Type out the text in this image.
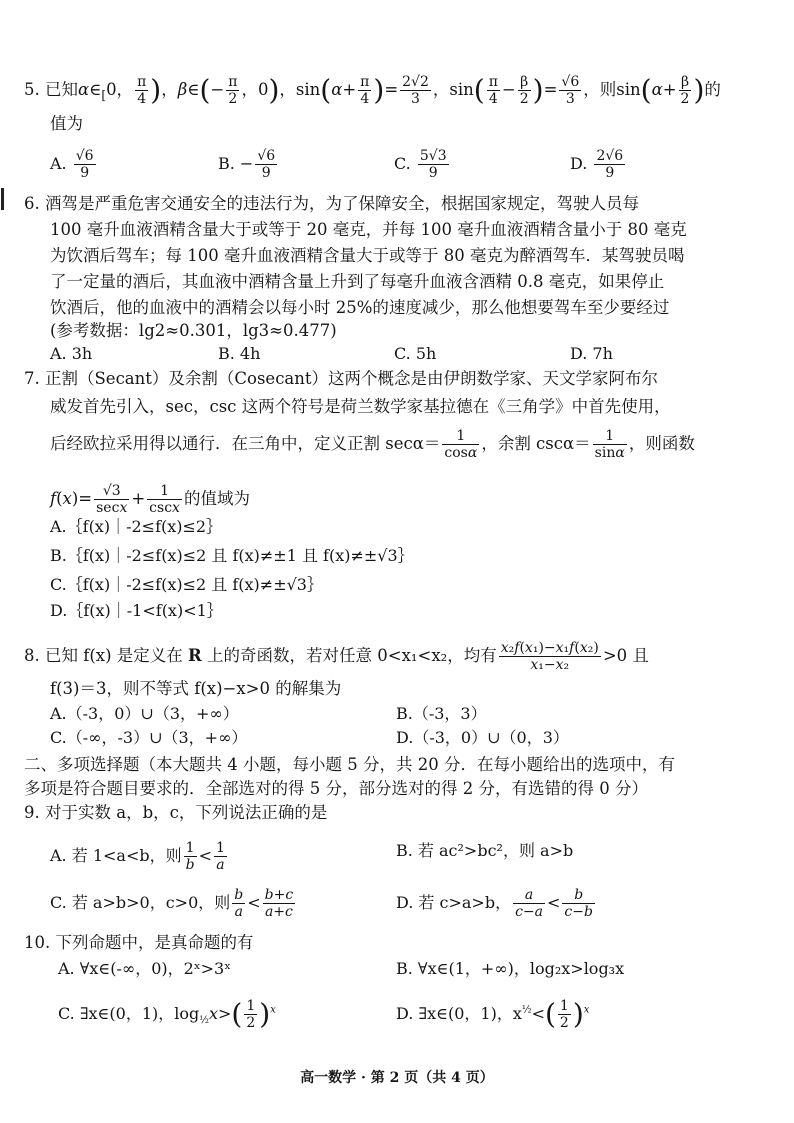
5. 已知$\alpha\in_[0$， $\frac{\pi}{4}$ )，β∈(− $\frac{\pi}{2}$ ，0)，$\sin(\alpha+ \frac{\pi}{4}$ )= $\frac{2√2}{3}$ ，$\sin( \frac{\pi}{4} - \frac{\beta}{2}$ )= $\frac{√6}{3}$ ，则$\sin(\alpha+ \frac{\beta}{2}$ )的
值为
A. $\frac{√6}{9}$	B. − $\frac{√6}{9}$	C. $\frac{5√3}{9}$	D. $\frac{2√6}{9}$
6. 酒驾是严重危害交通安全的违法行为，为了保障安全，根据国家规定，驾驶人员每
100 毫升血液酒精含量大于或等于 20 毫克，并每 100 毫升血液酒精含量小于 80 毫克
为饮酒后驾车；每 100 毫升血液酒精含量大于或等于 80 毫克为醉酒驾车．某驾驶员喝
了一定量的酒后，其血液中酒精含量上升到了每毫升血液含酒精 0.8 毫克，如果停止
饮酒后，他的血液中的酒精会以每小时 25%的速度减少，那么他想要驾车至少要经过
(参考数据：lg2≈0.301，lg3≈0.477)
A. 3h	B. 4h	C. 5h	D. 7h
7. 正割（Secant）及余割（Cosecant）这两个概念是由伊朗数学家、天文学家阿布尔
威发首先引入，sec，csc 这两个符号是荷兰数学家基拉德在《三角学》中首先使用，
后经欧拉采用得以通行．在三角中，定义正割 $\sec\alpha= \frac{1}{\cos\alpha}$ ，余割 $\csc\alpha= \frac{1}{\sin\alpha}$ ，则函数
$f(x)= \frac{√3}{\sec x} + \frac{1}{\csc x}$ 的值域为
A.｛f(x)｜-2≤f(x)≤2｝
B.｛f(x)｜-2≤f(x)≤2 且 f(x)≠±1 且 f(x)≠±√3｝
C.｛f(x)｜-2≤f(x)≤2 且 f(x)≠±√3｝
D.｛f(x)｜-1<f(x)<1｝
8. 已知 f(x) 是定义在 R 上的奇函数，若对任意 0<x₁<x₂，均有 $\frac{\text{x₂f(x₁)−x₁f(x₂)}}{\text{x₁−x₂}} >0$ 且
f(3)＝3，则不等式 f(x)−x>0 的解集为
A.（-3，0）∪（3，+∞）	B.（-3，3）
C.（-∞，-3）∪（3，+∞）	D.（-3，0）∪（0，3）
二、多项选择题（本大题共 4 小题，每小题 5 分，共 20 分．在每小题给出的选项中，有
多项是符合题目要求的．全部选对的得 5 分，部分选对的得 2 分，有选错的得 0 分）
9. 对于实数 a，b，c，下列说法正确的是
A. 若 1<a<b，则 $\frac{1}{b} < \frac{1}{a}$	B. 若 ac²>bc²，则 a>b
C. 若 a>b>0，c>0，则 $\frac{b}{a} < \frac{b+c}{a+c}$	D. 若 c>a>b， $\frac{a}{c-a} < \frac{b}{c-b}$
10. 下列命题中，是真命题的有
A. ∀x∈(-∞，0)，2ˣ>3ˣ	B. ∀x∈(1，+∞)，log₂x>log₃x
C. ∃x∈(0，1)，$\log_{\frac{1}{2}}x>( \frac{1}{2} )^x$	D. ∃x∈(0，1)，$x^{\frac{1}{2}}<( \frac{1}{2} )^x$
高一数学 · 第 2 页（共 4 页）
